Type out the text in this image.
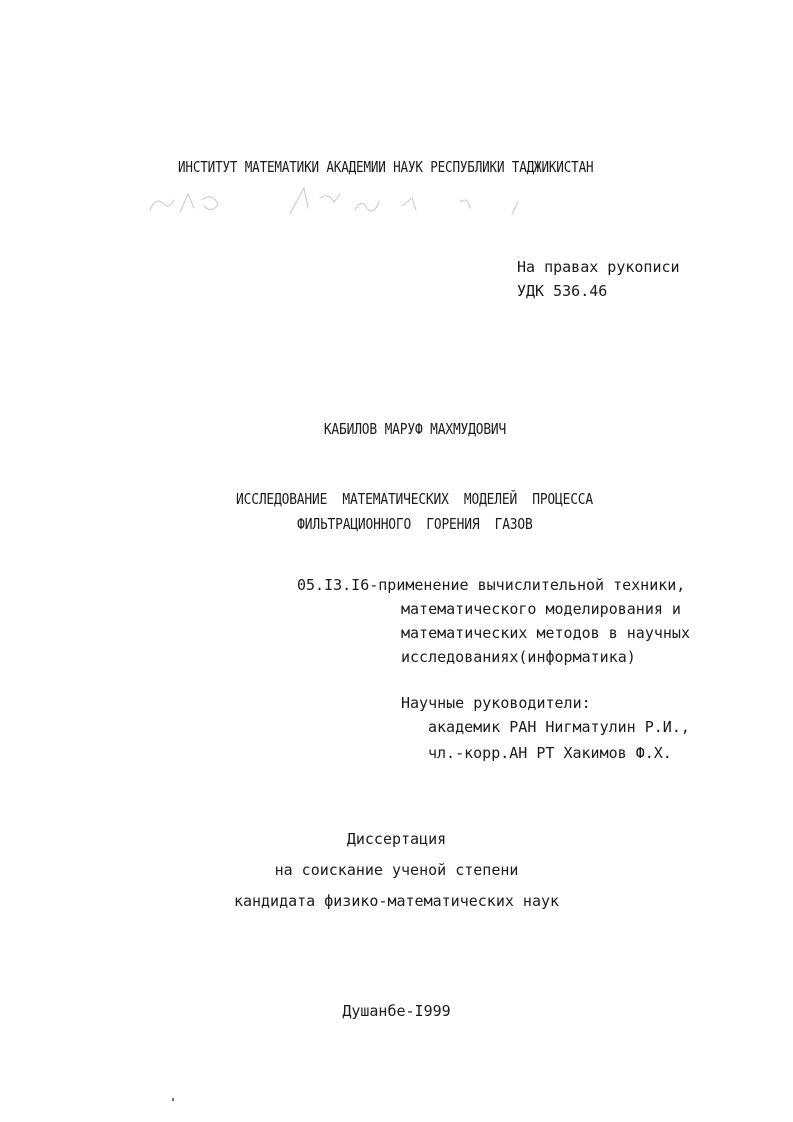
ИНСТИТУТ МАТЕМАТИКИ АКАДЕМИИ НАУК РЕСПУБЛИКИ ТАДЖИКИСТАН

На правах рукописи
УДК 536.46

КАБИЛОВ МАРУФ МАХМУДОВИЧ

ИССЛЕДОВАНИЕ  МАТЕМАТИЧЕСКИХ  МОДЕЛЕЙ  ПРОЦЕССА

ФИЛЬТРАЦИОННОГО  ГОРЕНИЯ  ГАЗОВ

05.I3.I6-применение вычислительной техники,
математического моделирования и
математических методов в научных
исследованиях(информатика)
Научные руководители:
академик РАН Нигматулин Р.И.,
чл.-корр.АН РТ Хакимов Ф.Х.
Диссертация
на соискание ученой степени
кандидата физико-математических наук
Душанбе-I999
